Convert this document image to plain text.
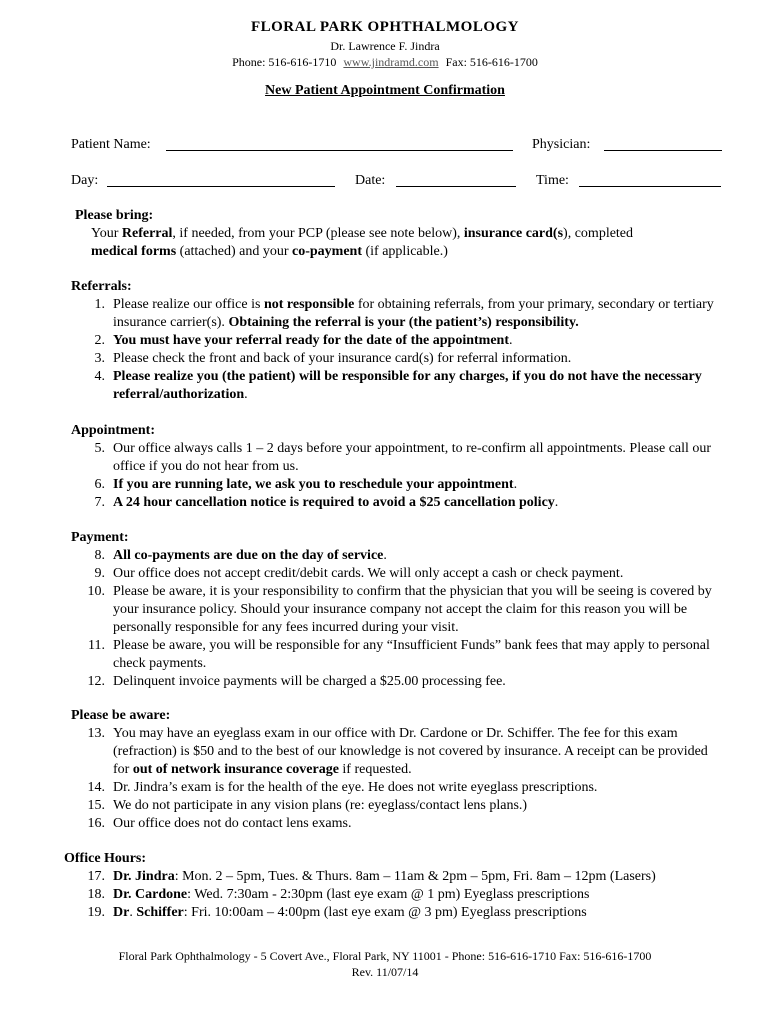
FLORAL PARK OPHTHALMOLOGY
Dr. Lawrence F. Jindra
Phone: 516-616-1710 www.jindramd.com Fax: 516-616-1700
New Patient Appointment Confirmation
Patient Name:	Physician:
Day:	Date:	Time:
Please bring:
Your Referral, if needed, from your PCP (please see note below), insurance card(s), completed
medical forms (attached) and your co-payment (if applicable.)
Referrals:
1. Please realize our office is not responsible for obtaining referrals, from your primary, secondary or tertiary insurance carrier(s). Obtaining the referral is your (the patient’s) responsibility.
2. You must have your referral ready for the date of the appointment.
3. Please check the front and back of your insurance card(s) for referral information.
4. Please realize you (the patient) will be responsible for any charges, if you do not have the necessary referral/authorization.
Appointment:
5. Our office always calls 1 – 2 days before your appointment, to re-confirm all appointments. Please call our office if you do not hear from us.
6. If you are running late, we ask you to reschedule your appointment.
7. A 24 hour cancellation notice is required to avoid a $25 cancellation policy.
Payment:
8. All co-payments are due on the day of service.
9. Our office does not accept credit/debit cards. We will only accept a cash or check payment.
10. Please be aware, it is your responsibility to confirm that the physician that you will be seeing is covered by your insurance policy. Should your insurance company not accept the claim for this reason you will be personally responsible for any fees incurred during your visit.
11. Please be aware, you will be responsible for any “Insufficient Funds” bank fees that may apply to personal check payments.
12. Delinquent invoice payments will be charged a $25.00 processing fee.
Please be aware:
13. You may have an eyeglass exam in our office with Dr. Cardone or Dr. Schiffer. The fee for this exam (refraction) is $50 and to the best of our knowledge is not covered by insurance. A receipt can be provided for out of network insurance coverage if requested.
14. Dr. Jindra’s exam is for the health of the eye. He does not write eyeglass prescriptions.
15. We do not participate in any vision plans (re: eyeglass/contact lens plans.)
16. Our office does not do contact lens exams.
Office Hours:
17. Dr. Jindra: Mon. 2 – 5pm, Tues. & Thurs. 8am – 11am & 2pm – 5pm, Fri. 8am – 12pm (Lasers)
18. Dr. Cardone: Wed. 7:30am - 2:30pm (last eye exam @ 1 pm) Eyeglass prescriptions
19. Dr. Schiffer: Fri. 10:00am – 4:00pm (last eye exam @ 3 pm) Eyeglass prescriptions
Floral Park Ophthalmology - 5 Covert Ave., Floral Park, NY 11001 - Phone: 516-616-1710 Fax: 516-616-1700
Rev. 11/07/14
